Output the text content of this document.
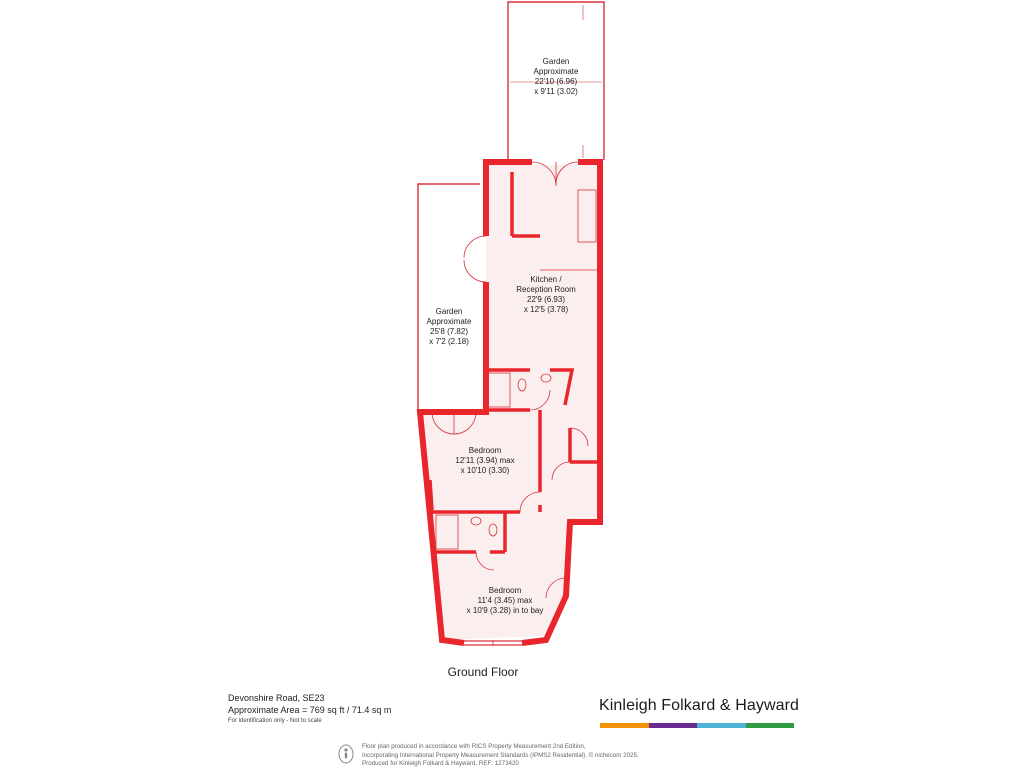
Garden Approximate 22'10 (6.96) x 9'11 (3.02)
Garden Approximate 25'8 (7.82) x 7'2 (2.18)
Kitchen / Reception Room 22'9 (6.93) x 12'5 (3.78)
Bedroom 12'11 (3.94) max x 10'10 (3.30)
Bedroom 11'4 (3.45) max x 10'9 (3.28) in to bay
Ground Floor
Devonshire Road, SE23
Approximate Area = 769 sq ft / 71.4 sq m
For identification only - Not to scale
Kinleigh Folkard & Hayward
Floor plan produced in accordance with RICS Property Measurement 2nd Edition,
Incorporating International Property Measurement Standards (IPMS2 Residential). © nichecom 2025.
Produced for Kinleigh Folkard & Hayward. REF: 1273420
